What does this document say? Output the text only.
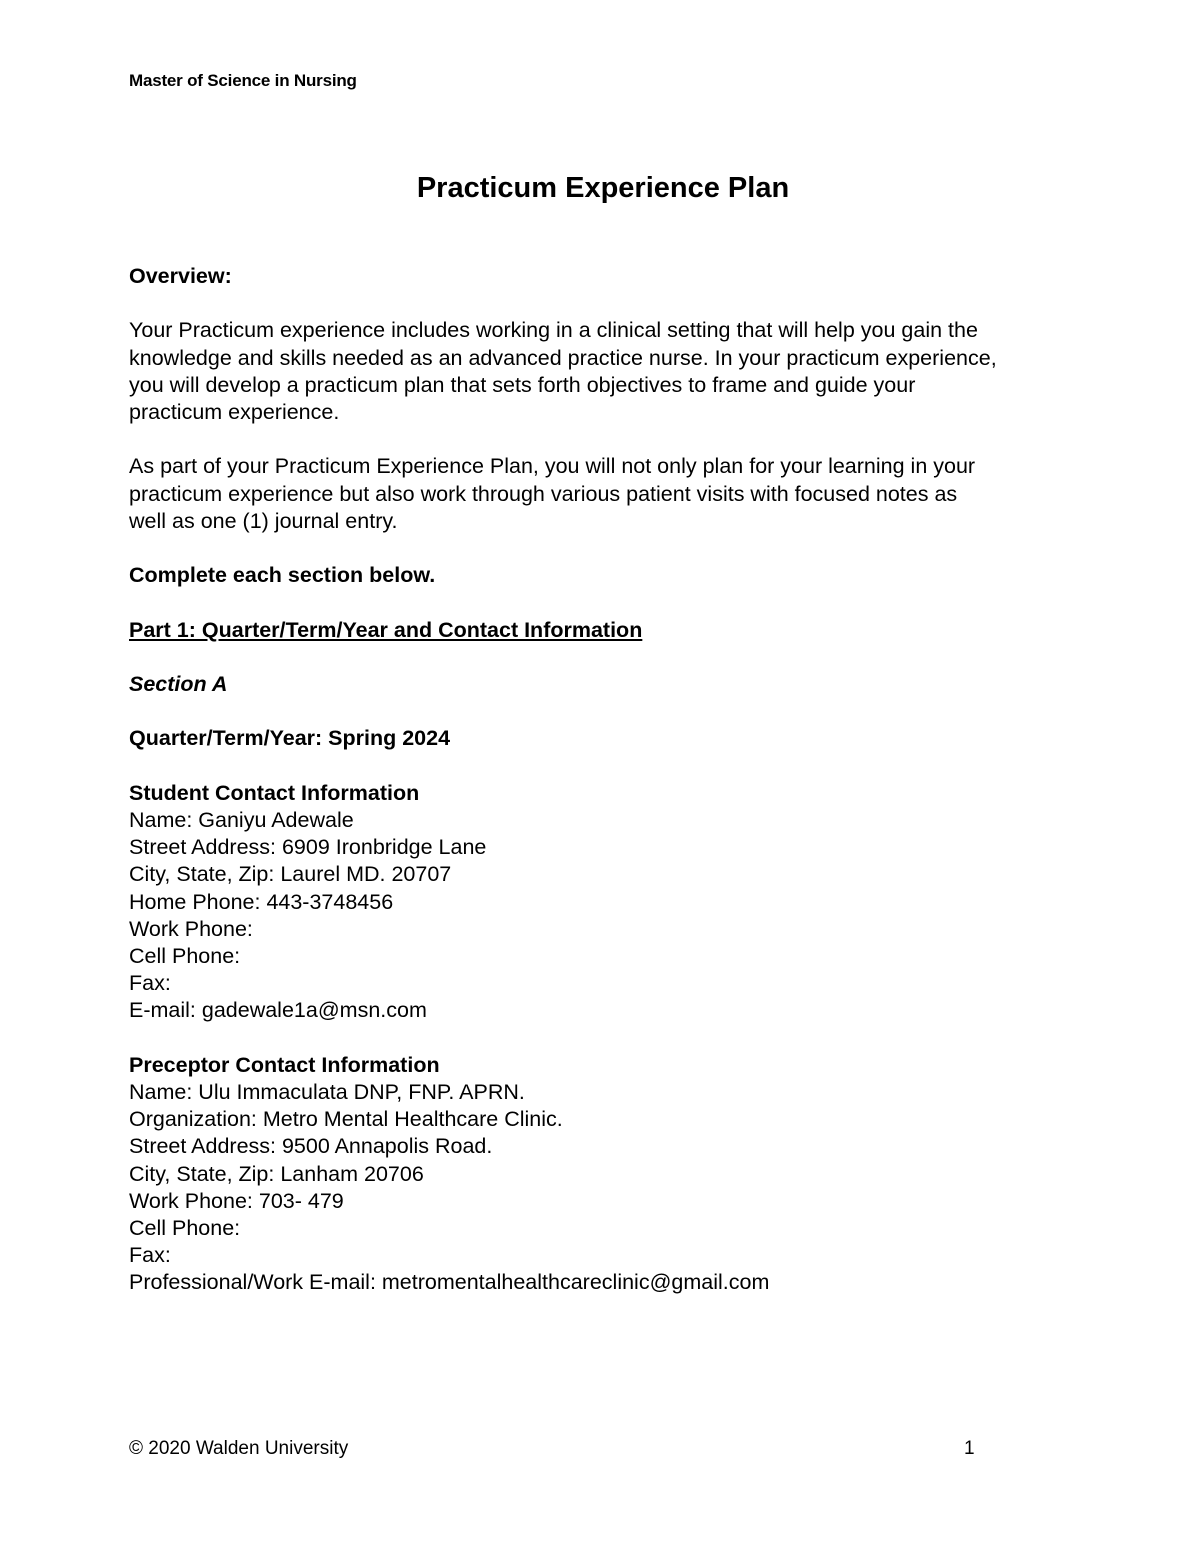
Master of Science in Nursing
Practicum Experience Plan

Overview:

Your Practicum experience includes working in a clinical setting that will help you gain the

knowledge and skills needed as an advanced practice nurse. In your practicum experience,

you will develop a practicum plan that sets forth objectives to frame and guide your

practicum experience.

As part of your Practicum Experience Plan, you will not only plan for your learning in your

practicum experience but also work through various patient visits with focused notes as

well as one (1) journal entry.

Complete each section below.

Part 1: Quarter/Term/Year and Contact Information

Section A

Quarter/Term/Year: Spring 2024

Student Contact Information

Name: Ganiyu Adewale

Street Address: 6909 Ironbridge Lane

City, State, Zip: Laurel MD. 20707

Home Phone: 443-3748456

Work Phone:

Cell Phone:

Fax:

E-mail: gadewale1a@msn.com

Preceptor Contact Information

Name: Ulu Immaculata DNP, FNP. APRN.

Organization: Metro Mental Healthcare Clinic.

Street Address: 9500 Annapolis Road.

City, State, Zip: Lanham 20706

Work Phone: 703- 479

Cell Phone:

Fax:

Professional/Work E-mail: metromentalhealthcareclinic@gmail.com

© 2020 Walden University	1
